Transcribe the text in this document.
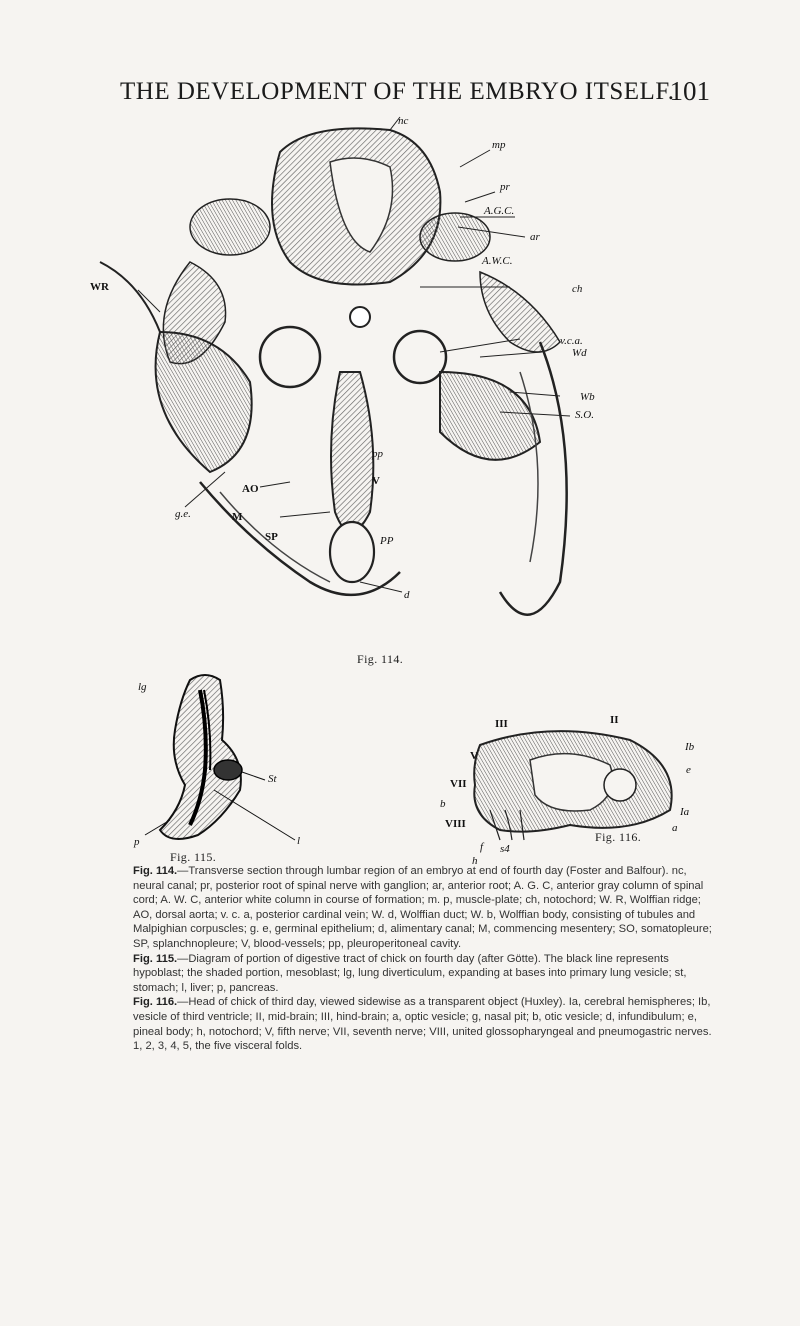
THE DEVELOPMENT OF THE EMBRYO ITSELF.
101
nc
mp
pr
A.G.C.
ar
A.W.C.
ch
WR
v.c.a.
Wd
Wb
S.O.
g.e.
AO
M
SP
pp
V
PP
d
Fig. 114.
lg
St
l
p
Fig. 115.
III	II
Ib
V
e
VII
b
VIII
Ia
a
f s4
h
Fig. 116.

Fig. 114.—Transverse section through lumbar region of an embryo at end of fourth day (Foster and Balfour). nc, neural canal; pr, posterior root of spinal nerve with ganglion; ar, anterior root; A. G. C, anterior gray column of spinal cord; A. W. C, anterior white column in course of formation; m. p, muscle-plate; ch, notochord; W. R, Wolffian ridge; AO, dorsal aorta; v. c. a, posterior cardinal vein; W. d, Wolffian duct; W. b, Wolffian body, consisting of tubules and Malpighian corpuscles; g. e, germinal epithelium; d, alimentary canal; M, commencing mesentery; SO, somatopleure; SP, splanchnopleure; V, blood-vessels; pp, pleuroperitoneal cavity.

Fig. 115.—Diagram of portion of digestive tract of chick on fourth day (after Götte). The black line represents hypoblast; the shaded portion, mesoblast; lg, lung diverticulum, expanding at bases into primary lung vesicle; st, stomach; l, liver; p, pancreas.

Fig. 116.—Head of chick of third day, viewed sidewise as a transparent object (Huxley). Ia, cerebral hemispheres; Ib, vesicle of third ventricle; II, mid-brain; III, hind-brain; a, optic vesicle; g, nasal pit; b, otic vesicle; d, infundibulum; e, pineal body; h, notochord; V, fifth nerve; VII, seventh nerve; VIII, united glossopharyngeal and pneumogastric nerves. 1, 2, 3, 4, 5, the five visceral folds.
